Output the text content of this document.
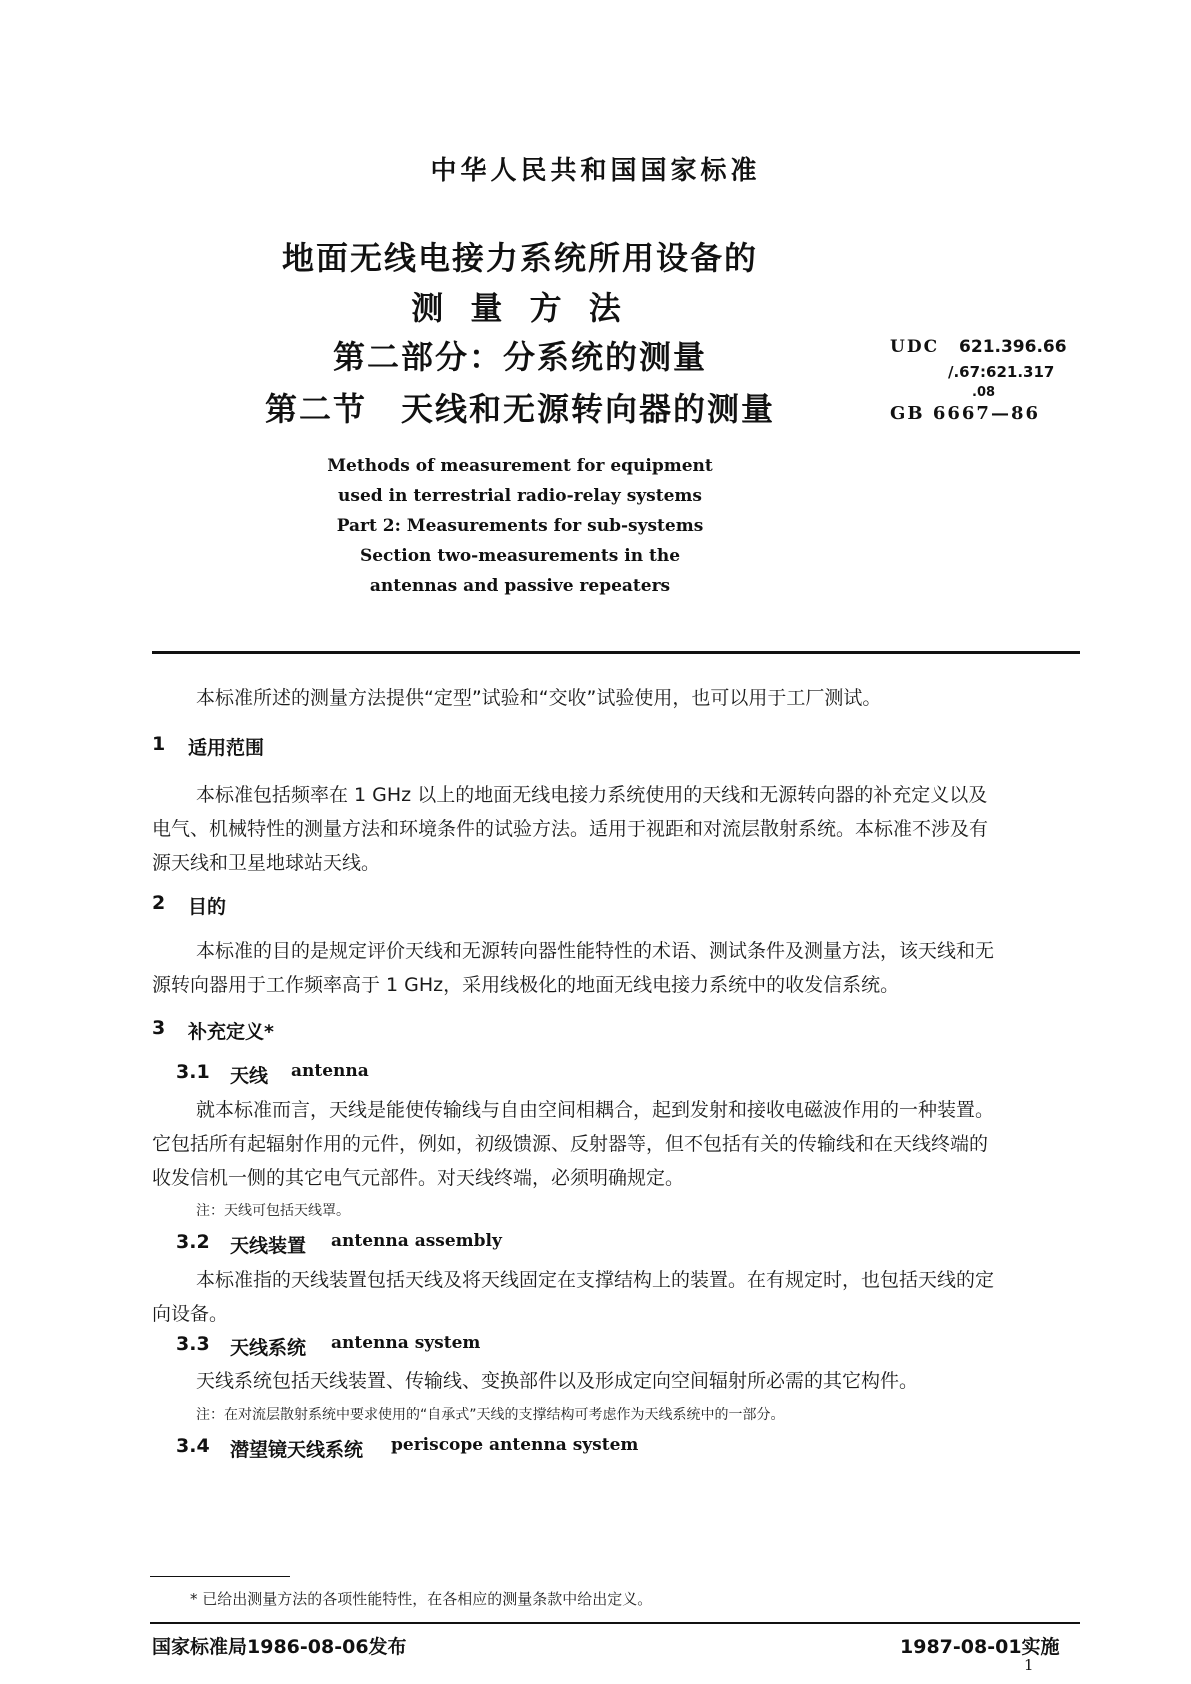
中华人民共和国国家标准
地面无线电接力系统所用设备的
测 量 方 法
第二部分：分系统的测量
第二节　天线和无源转向器的测量
UDC 621.396.66
/.67:621.317
.08
GB 6667—86
Methods of measurement for equipment
used in terrestrial radio-relay systems
Part 2: Measurements for sub-systems
Section two-measurements in the
antennas and passive repeaters
本标准所述的测量方法提供“定型”试验和“交收”试验使用，也可以用于工厂测试。
1 适用范围
本标准包括频率在 1 GHz 以上的地面无线电接力系统使用的天线和无源转向器的补充定义以及
电气、机械特性的测量方法和环境条件的试验方法。适用于视距和对流层散射系统。本标准不涉及有
源天线和卫星地球站天线。
2 目的
本标准的目的是规定评价天线和无源转向器性能特性的术语、测试条件及测量方法，该天线和无
源转向器用于工作频率高于 1 GHz，采用线极化的地面无线电接力系统中的收发信系统。
3 补充定义*
3.1 天线 antenna
就本标准而言，天线是能使传输线与自由空间相耦合，起到发射和接收电磁波作用的一种装置。
它包括所有起辐射作用的元件，例如，初级馈源、反射器等，但不包括有关的传输线和在天线终端的
收发信机一侧的其它电气元部件。对天线终端，必须明确规定。
注：天线可包括天线罩。
3.2 天线装置 antenna assembly
本标准指的天线装置包括天线及将天线固定在支撑结构上的装置。在有规定时，也包括天线的定
向设备。
3.3 天线系统 antenna system
天线系统包括天线装置、传输线、变换部件以及形成定向空间辐射所必需的其它构件。
注：在对流层散射系统中要求使用的“自承式”天线的支撑结构可考虑作为天线系统中的一部分。
3.4 潜望镜天线系统 periscope antenna system
* 已给出测量方法的各项性能特性，在各相应的测量条款中给出定义。
国家标准局1986-08-06发布	1987-08-01实施
1
